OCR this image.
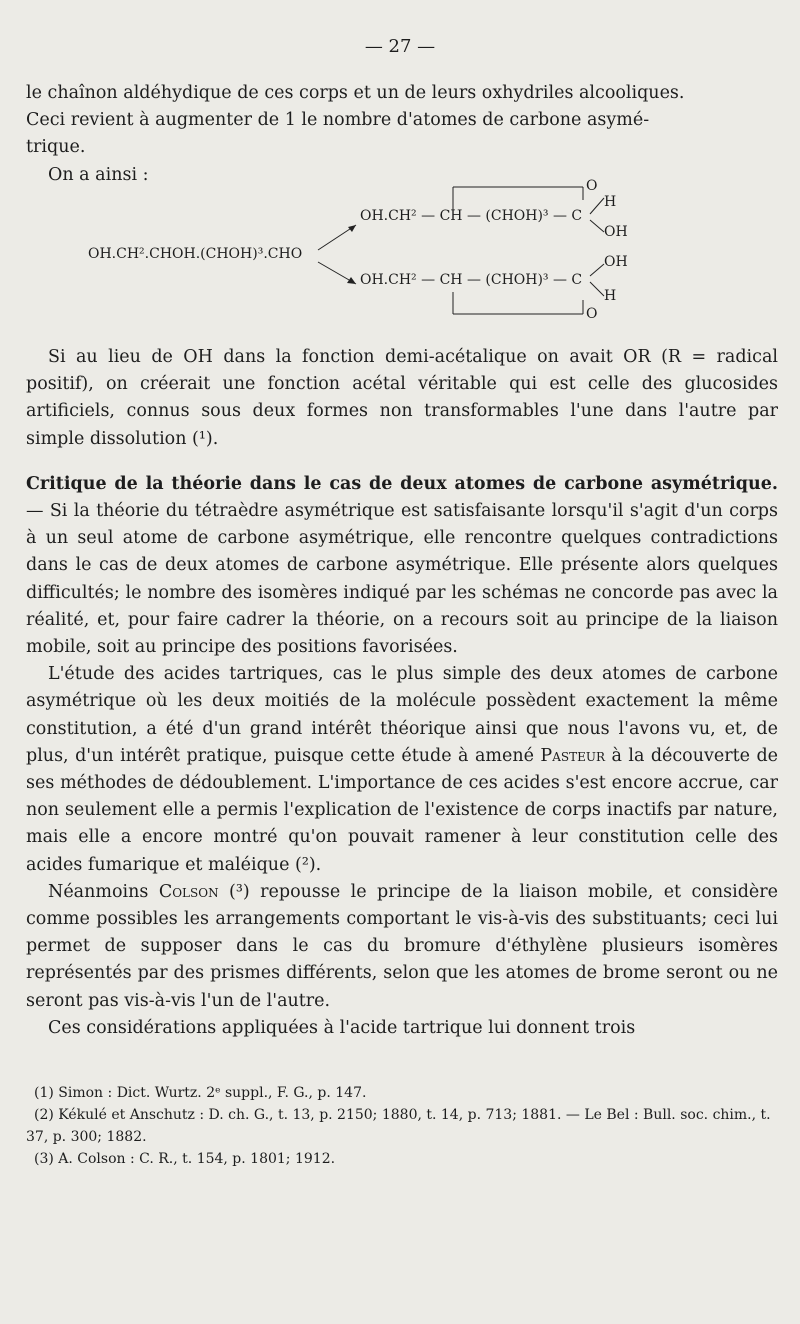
— 27 —

le chaînon aldéhydique de ces corps et un de leurs oxhydriles alcooliques.

Ceci revient à augmenter de 1 le nombre d'atomes de carbone asymé-

trique.

On a ainsi :

OH.CH².CHOH.(CHOH)³.CHO
OH.CH² — CH — (CHOH)³ — C
OH.CH² — CH — (CHOH)³ — C
O
H
OH
OH
H
O

Si au lieu de OH dans la fonction demi-acétalique on avait OR (R = radical positif), on créerait une fonction acétal véritable qui est celle des glucosides artificiels, connus sous deux formes non transformables l'une dans l'autre par simple dissolution (¹).

Critique de la théorie dans le cas de deux atomes de carbone asymétrique. — Si la théorie du tétraèdre asymétrique est satisfaisante lorsqu'il s'agit d'un corps à un seul atome de carbone asymétrique, elle rencontre quelques contradictions dans le cas de deux atomes de carbone asymétrique. Elle présente alors quelques difficultés; le nombre des isomères indiqué par les schémas ne concorde pas avec la réalité, et, pour faire cadrer la théorie, on a recours soit au principe de la liaison mobile, soit au principe des positions favorisées.

L'étude des acides tartriques, cas le plus simple des deux atomes de carbone asymétrique où les deux moitiés de la molécule possèdent exactement la même constitution, a été d'un grand intérêt théorique ainsi que nous l'avons vu, et, de plus, d'un intérêt pratique, puisque cette étude à amené Pasteur à la découverte de ses méthodes de dédoublement. L'importance de ces acides s'est encore accrue, car non seulement elle a permis l'explication de l'existence de corps inactifs par nature, mais elle a encore montré qu'on pouvait ramener à leur constitution celle des acides fumarique et maléique (²).

Néanmoins Colson (³) repousse le principe de la liaison mobile, et considère comme possibles les arrangements comportant le vis-à-vis des substituants; ceci lui permet de supposer dans le cas du bromure d'éthylène plusieurs isomères représentés par des prismes différents, selon que les atomes de brome seront ou ne seront pas vis-à-vis l'un de l'autre.

Ces considérations appliquées à l'acide tartrique lui donnent trois

(1) Simon : Dict. Wurtz. 2ᵉ suppl., F. G., p. 147.

(2) Kékulé et Anschutz : D. ch. G., t. 13, p. 2150; 1880, t. 14, p. 713; 1881. — Le Bel : Bull. soc. chim., t. 37, p. 300; 1882.

(3) A. Colson : C. R., t. 154, p. 1801; 1912.
